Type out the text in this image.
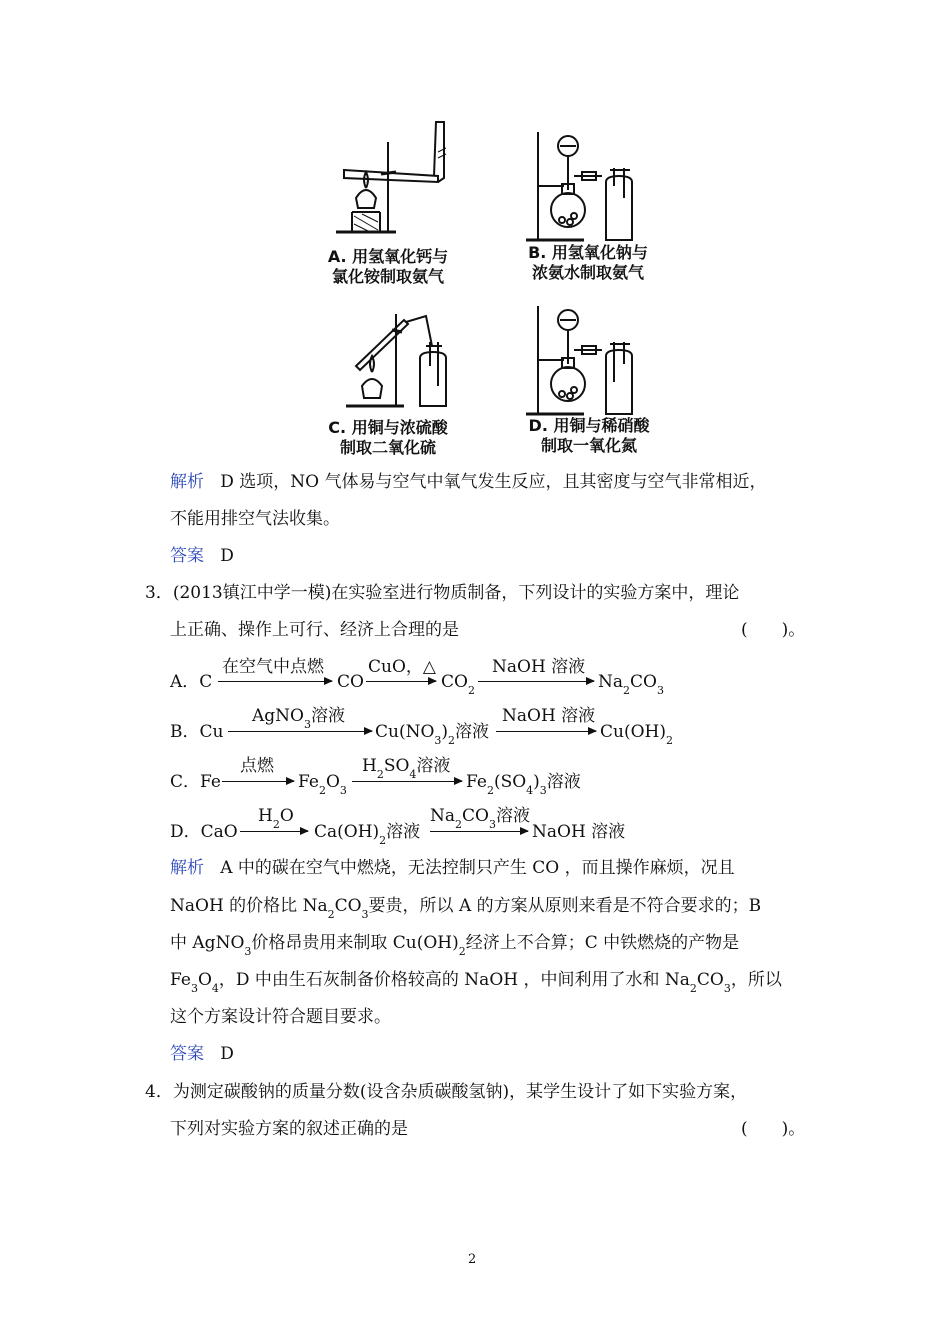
A. 用氢氧化钙与
氯化铵制取氨气
B. 用氢氧化钠与
浓氨水制取氨气
C. 用铜与浓硫酸
制取二氧化硫
D. 用铜与稀硝酸
制取一氧化氮
解析 D 选项，NO 气体易与空气中氧气发生反应，且其密度与空气非常相近，
不能用排空气法收集。
答案 D
3．(2013镇江中学一模)在实验室进行物质制备，下列设计的实验方案中，理论
上正确、操作上可行、经济上合理的是	(　　)。
A．C
在空气中点燃
CO
CuO，△
$CO_2$
NaOH 溶液
$Na_2CO_3$
B．Cu
AgNO$_3$溶液
$Cu(NO_3)_2$溶液
NaOH 溶液
$Cu(OH)_2$
C．Fe
点燃
$Fe_2O_3$
$H_2SO_4$溶液
$Fe_2(SO_4)_3$溶液
D．CaO
$H_2O$
$Ca(OH)_2$溶液
$Na_2CO_3$溶液
NaOH 溶液
解析 A 中的碳在空气中燃烧，无法控制只产生 CO ，而且操作麻烦，况且
NaOH 的价格比 $Na_2CO_3$要贵，所以 A 的方案从原则来看是不符合要求的；B
中 AgNO$_3$价格昂贵用来制取 $Cu(OH)_2$经济上不合算；C 中铁燃烧的产物是
$Fe_3O_4$，D 中由生石灰制备价格较高的 NaOH ，中间利用了水和 $Na_2CO_3$，所以
这个方案设计符合题目要求。
答案 D
4．为测定碳酸钠的质量分数(设含杂质碳酸氢钠)，某学生设计了如下实验方案，
下列对实验方案的叙述正确的是	(　　)。
2
